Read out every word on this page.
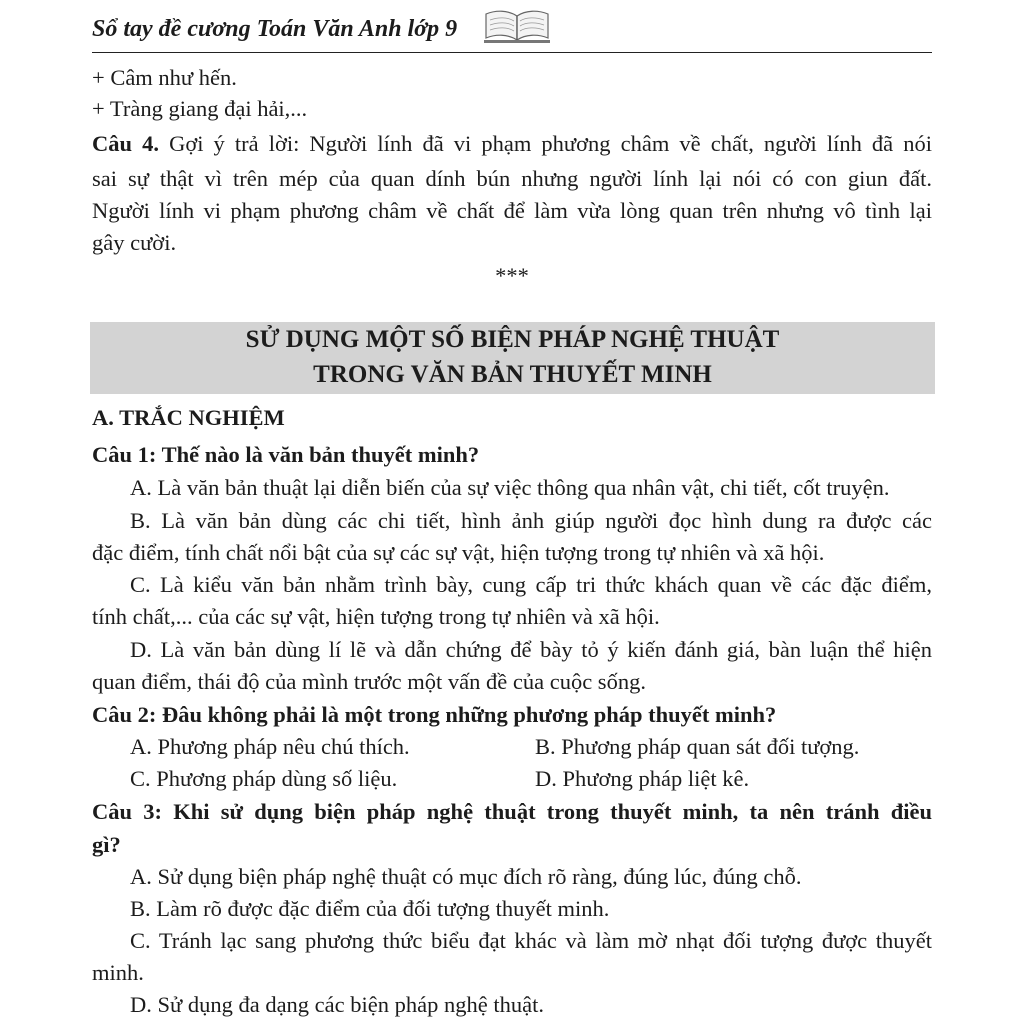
Sổ tay đề cương Toán Văn Anh lớp 9
+ Câm như hến.
+ Tràng giang đại hải,...
Câu 4. Gợi ý trả lời: Người lính đã vi phạm phương châm về chất, người lính đã nói
sai sự thật vì trên mép của quan dính bún nhưng người lính lại nói có con giun đất.
Người lính vi phạm phương châm về chất để làm vừa lòng quan trên nhưng vô tình lại
gây cười.
***
SỬ DỤNG MỘT SỐ BIỆN PHÁP NGHỆ THUẬT
TRONG VĂN BẢN THUYẾT MINH
A. TRẮC NGHIỆM
Câu 1: Thế nào là văn bản thuyết minh?
A. Là văn bản thuật lại diễn biến của sự việc thông qua nhân vật, chi tiết, cốt truyện.
B. Là văn bản dùng các chi tiết, hình ảnh giúp người đọc hình dung ra được các
đặc điểm, tính chất nổi bật của sự các sự vật, hiện tượng trong tự nhiên và xã hội.
C. Là kiểu văn bản nhằm trình bày, cung cấp tri thức khách quan về các đặc điểm,
tính chất,... của các sự vật, hiện tượng trong tự nhiên và xã hội.
D. Là văn bản dùng lí lẽ và dẫn chứng để bày tỏ ý kiến đánh giá, bàn luận thể hiện
quan điểm, thái độ của mình trước một vấn đề của cuộc sống.
Câu 2: Đâu không phải là một trong những phương pháp thuyết minh?
A. Phương pháp nêu chú thích.	B. Phương pháp quan sát đối tượng.
C. Phương pháp dùng số liệu.	D. Phương pháp liệt kê.
Câu 3: Khi sử dụng biện pháp nghệ thuật trong thuyết minh, ta nên tránh điều
gì?
A. Sử dụng biện pháp nghệ thuật có mục đích rõ ràng, đúng lúc, đúng chỗ.
B. Làm rõ được đặc điểm của đối tượng thuyết minh.
C. Tránh lạc sang phương thức biểu đạt khác và làm mờ nhạt đối tượng được thuyết
minh.
D. Sử dụng đa dạng các biện pháp nghệ thuật.
